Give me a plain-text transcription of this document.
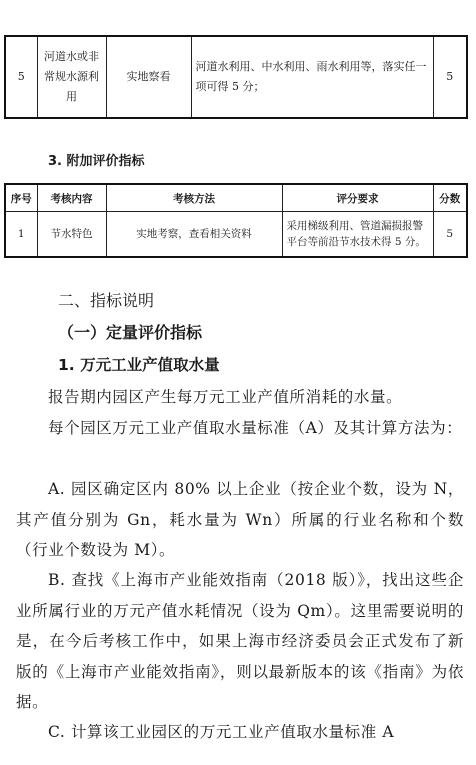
5	河道水或非常规水源利用	实地察看	河道水利用、中水利用、雨水利用等，落实任一项可得 5 分；	5
3. 附加评价指标
序号	考核内容	考核方法	评分要求	分数
1	节水特色	实地考察，查看相关资料	采用梯级利用、管道漏损报警平台等前沿节水技术得 5 分。	5
二、指标说明
（一）定量评价指标
1. 万元工业产值取水量
报告期内园区产生每万元工业产值所消耗的水量。
每个园区万元工业产值取水量标准（A）及其计算方法为：
A. 园区确定区内 80% 以上企业（按企业个数，设为 N，其产值分别为 Gn，耗水量为 Wn）所属的行业名称和个数（行业个数设为 M）。
B. 查找《上海市产业能效指南（2018 版）》，找出这些企业所属行业的万元产值水耗情况（设为 Qm）。这里需要说明的是，在今后考核工作中，如果上海市经济委员会正式发布了新版的《上海市产业能效指南》，则以最新版本的该《指南》为依据。
C. 计算该工业园区的万元工业产值取水量标准 A
